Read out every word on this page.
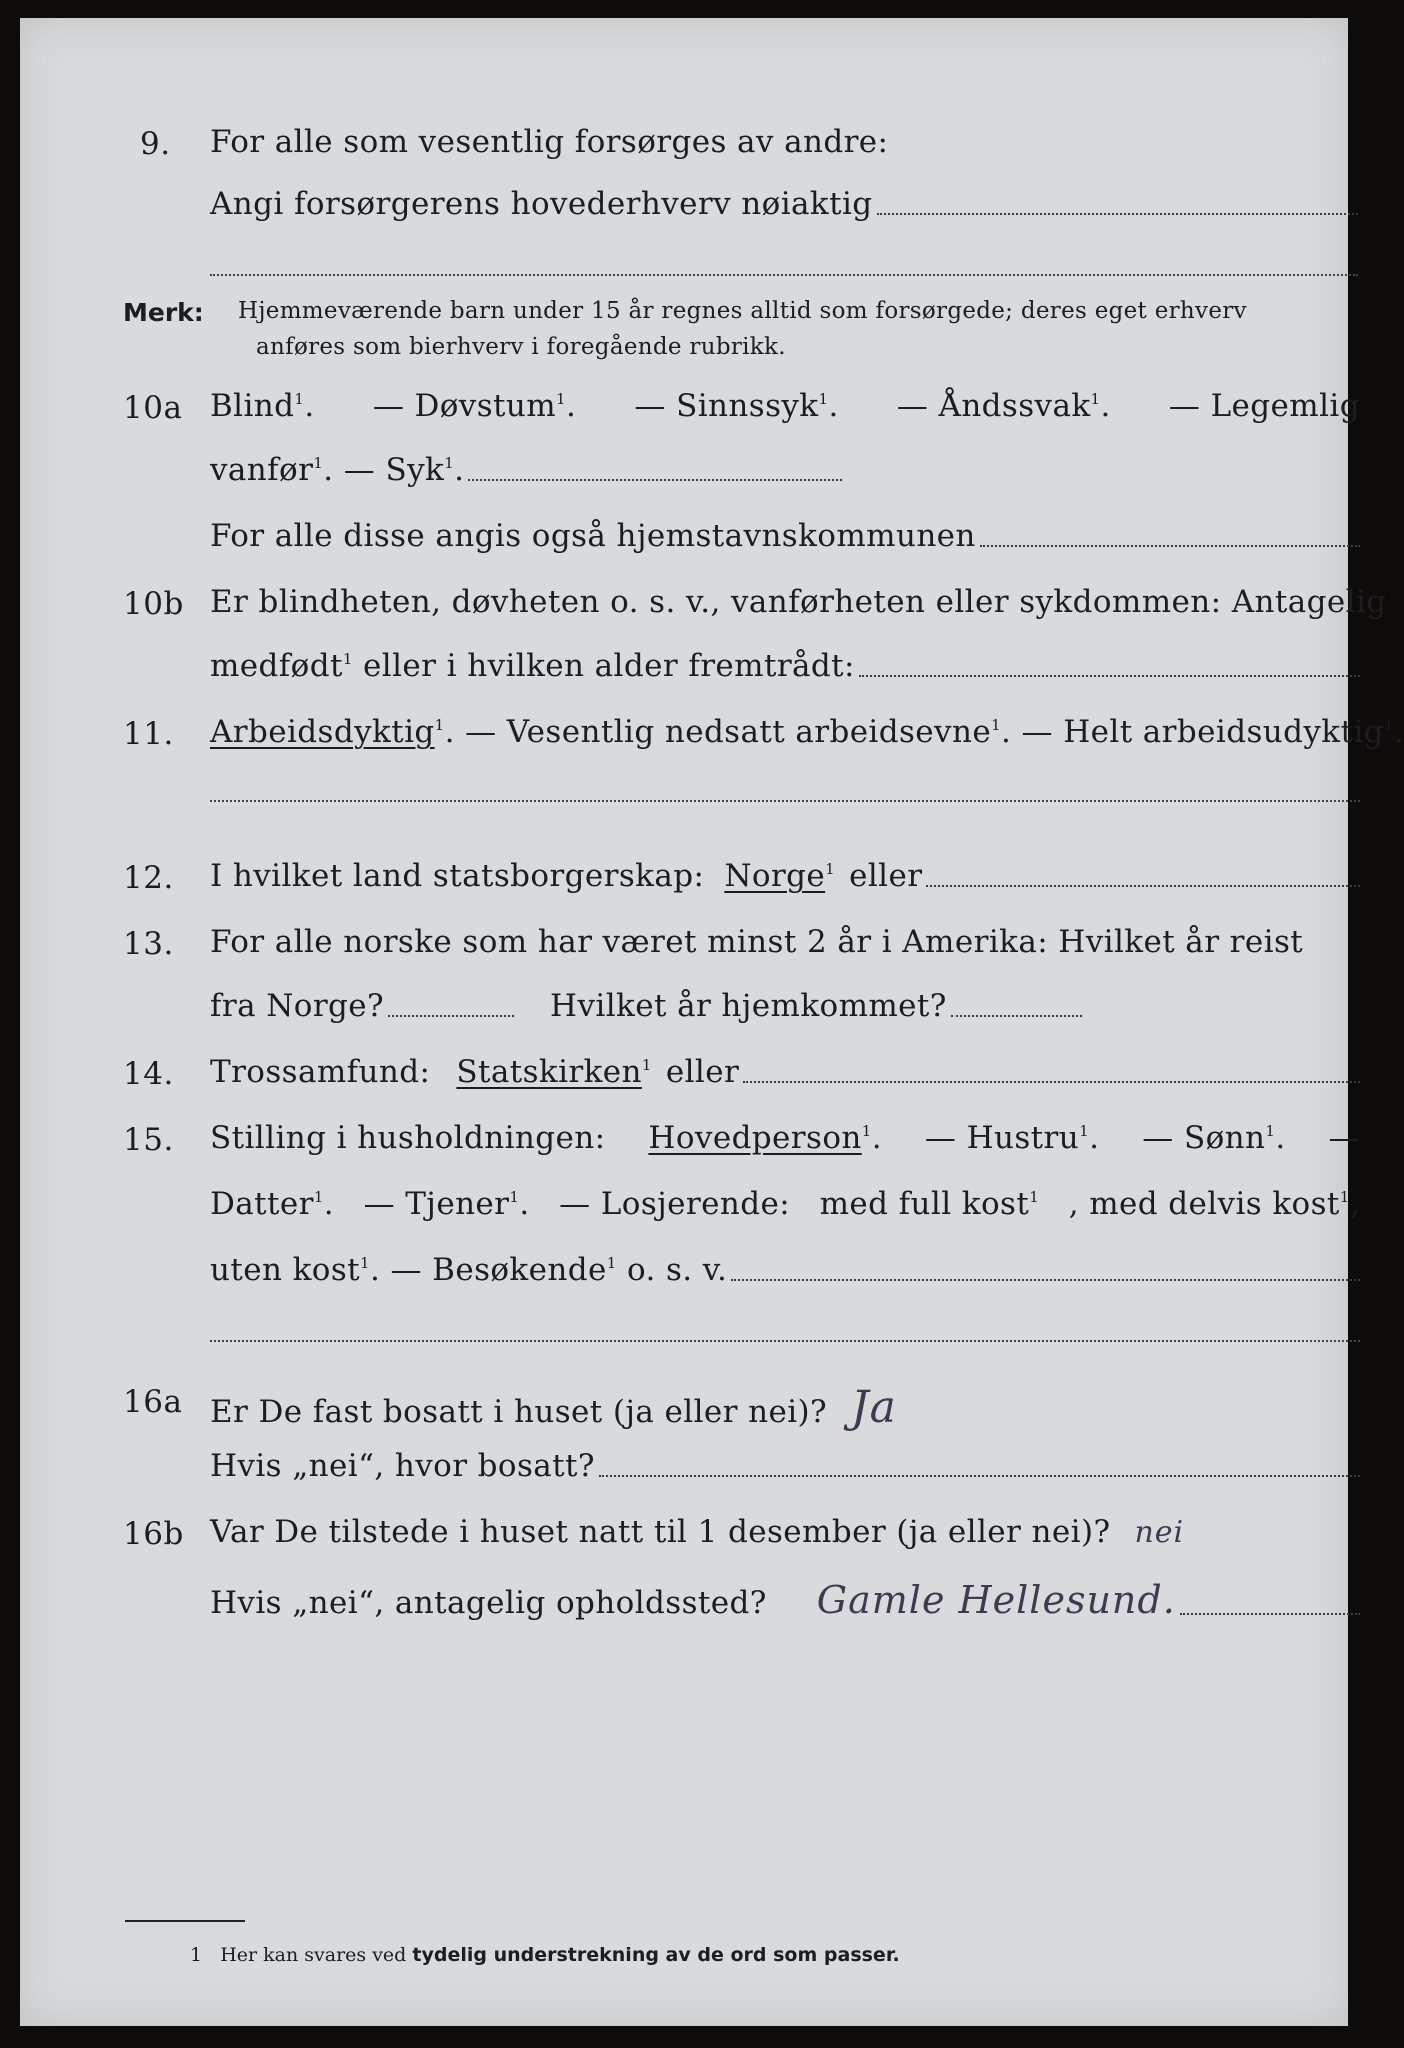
9. For alle som vesentlig forsørges av andre:
Angi forsørgerens hovederhverv nøiaktig
Merk: Hjemmeværende barn under 15 år regnes alltid som forsørgede; deres eget erhverv
anføres som bierhverv i foregående rubrikk.
10a Blind$^1$. — Døvstum$^1$. — Sinnssyk$^1$. — Åndssvak$^1$. — Legemlig
vanfør$^1$. — Syk$^1$.
For alle disse angis også hjemstavnskommunen
10b Er blindheten, døvheten o. s. v., vanførheten eller sykdommen: Antagelig
medfødt$^1$ eller i hvilken alder fremtrådt:
11. Arbeidsdyktig$^1$ . — Vesentlig nedsatt arbeidsevne$^1$ . — Helt arbeidsudyktig$^1$.
12. I hvilket land statsborgerskap: Norge$^1$ eller
13. For alle norske som har været minst 2 år i Amerika: Hvilket år reist
fra Norge?	Hvilket år hjemkommet?
14. Trossamfund: Statskirken$^1$ eller
15. Stilling i husholdningen: Hovedperson$^1$. — Hustru$^1$. — Sønn$^1$. —
Datter$^1$. — Tjener$^1$. — Losjerende: med full kost$^1$ , med delvis kost$^1$,
uten kost$^1$. — Besøkende$^1$ o. s. v.
16a Er De fast bosatt i huset (ja eller nei)? Ja
Hvis „nei“, hvor bosatt?
16b Var De tilstede i huset natt til 1 desember (ja eller nei)? nei
Hvis „nei“, antagelig opholdssted? Gamle Hellesund.
1 Her kan svares ved tydelig understrekning av de ord som passer.
